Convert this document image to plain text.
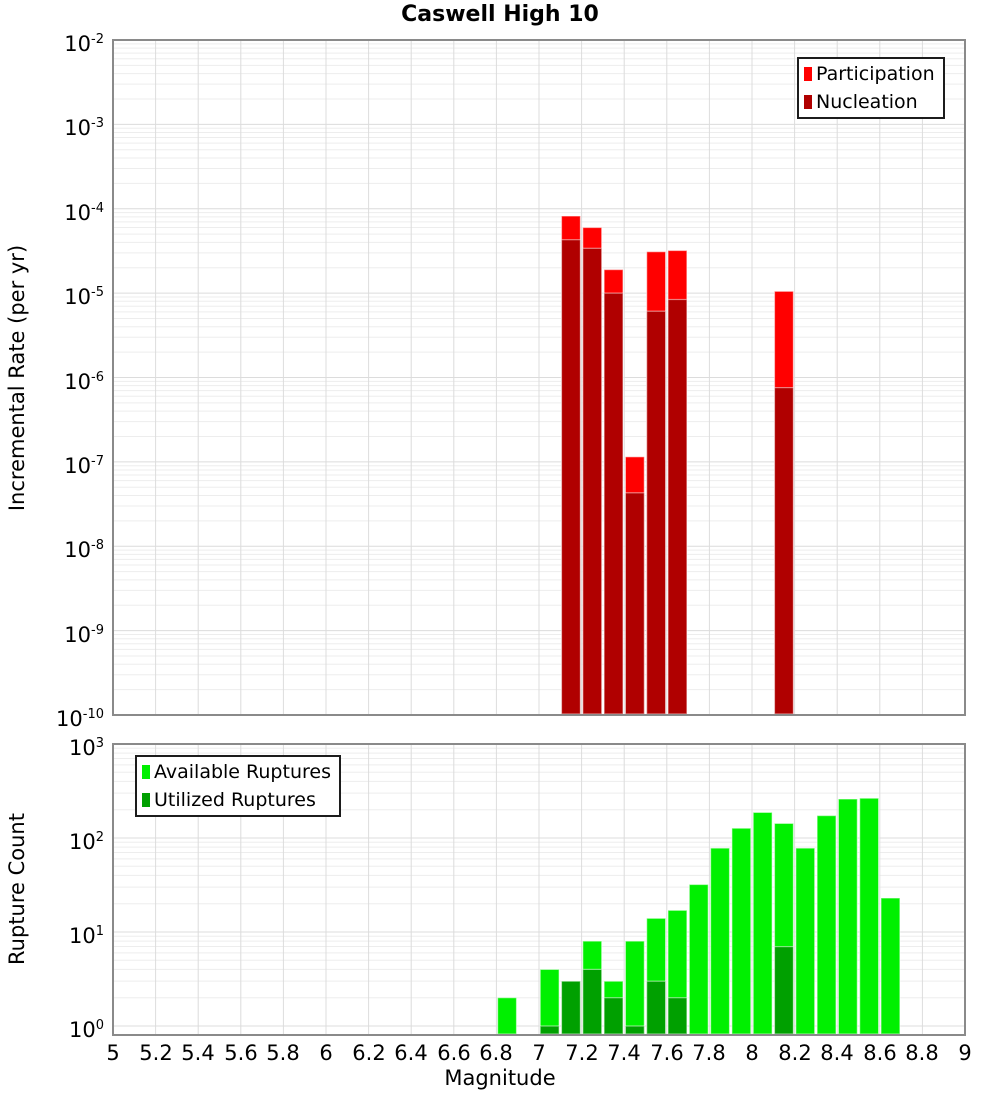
Caswell High 10
Incremental Rate (per yr)
Rupture Count
Magnitude
$10^{-2}$
$10^{-3}$
$10^{-4}$
$10^{-5}$
$10^{-6}$
$10^{-7}$
$10^{-8}$
$10^{-9}$
$10^{-10}$
$10^3$
$10^2$
$10^1$
$10^0$
5 5.2 5.4 5.6 5.8 6 6.2 6.4 6.6 6.8 7 7.2 7.4 7.6 7.8 8 8.2 8.4 8.6 8.8 9
Participation
Nucleation
Available Ruptures
Utilized Ruptures
